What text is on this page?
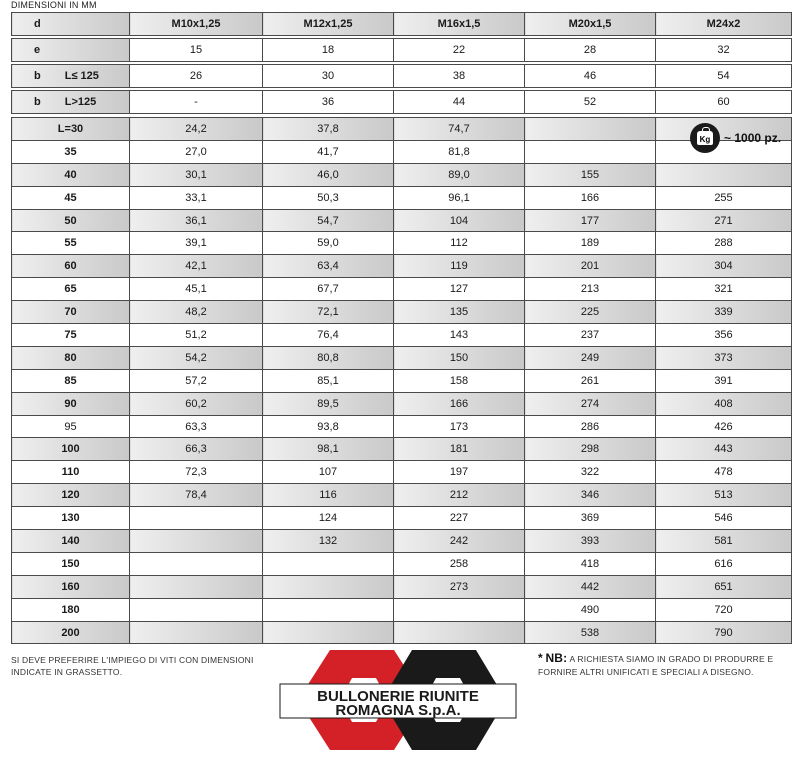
DIMENSIONI IN MM
d	M10x1,25	M12x1,25	M16x1,5	M20x1,5	M24x2

e	15	18	22	28	32

b L≤ 125	26	30	38	46	54

b L>125	-	36	44	52	60
L=30	24,2	37,8	74,7		
35	27,0	41,7	81,8		
40	30,1	46,0	89,0	155	
45	33,1	50,3	96,1	166	255
50	36,1	54,7	104	177	271
55	39,1	59,0	112	189	288
60	42,1	63,4	119	201	304
65	45,1	67,7	127	213	321
70	48,2	72,1	135	225	339
75	51,2	76,4	143	237	356
80	54,2	80,8	150	249	373
85	57,2	85,1	158	261	391
90	60,2	89,5	166	274	408
95	63,3	93,8	173	286	426
100	66,3	98,1	181	298	443
110	72,3	107	197	322	478
120	78,4	116	212	346	513
130		124	227	369	546
140		132	242	393	581
150			258	418	616
160			273	442	651
180				490	720
200				538	790
Kg ~ 1000 pz.
SI DEVE PREFERIRE L'IMPIEGO DI VITI CON DIMENSIONI INDICATE IN GRASSETTO.
* NB: A RICHIESTA SIAMO IN GRADO DI PRODURRE E FORNIRE ALTRI UNIFICATI E SPECIALI A DISEGNO.
BULLONERIE RIUNITE
ROMAGNA S.p.A.
